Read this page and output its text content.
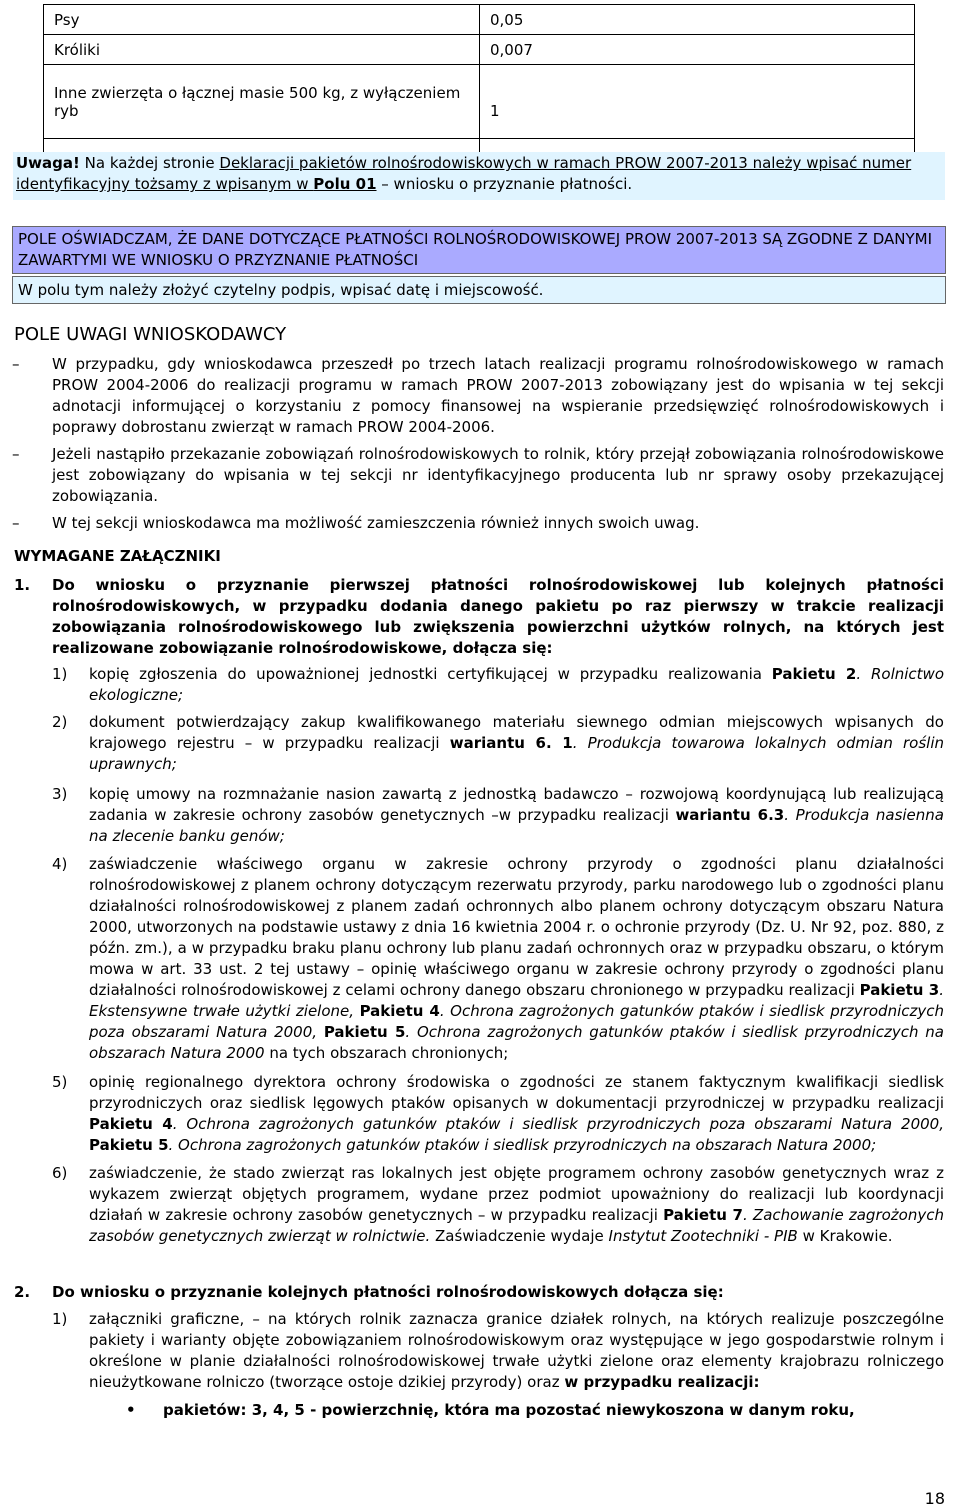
Psy	0,05
Króliki	0,007
Inne zwierzęta o łącznej masie 500 kg, z wyłączeniem ryb	1

Uwaga! Na każdej stronie Deklaracji pakietów rolnośrodowiskowych w ramach PROW 2007-2013 należy wpisać numer identyfikacyjny tożsamy z wpisanym w Polu 01 – wniosku o przyznanie płatności.
POLE OŚWIADCZAM, ŻE DANE DOTYCZĄCE PŁATNOŚCI ROLNOŚRODOWISKOWEJ PROW 2007-2013 SĄ ZGODNE Z DANYMI ZAWARTYMI WE WNIOSKU O PRZYZNANIE PŁATNOŚCI
W polu tym należy złożyć czytelny podpis, wpisać datę i miejscowość.
POLE UWAGI WNIOSKODAWCY
– W przypadku, gdy wnioskodawca przeszedł po trzech latach realizacji programu rolnośrodowiskowego w ramach PROW 2004-2006 do realizacji programu w ramach PROW 2007-2013 zobowiązany jest do wpisania w tej sekcji adnotacji informującej o korzystaniu z pomocy finansowej na wspieranie przedsięwzięć rolnośrodowiskowych i poprawy dobrostanu zwierząt w ramach PROW 2004-2006.
– Jeżeli nastąpiło przekazanie zobowiązań rolnośrodowiskowych to rolnik, który przejął zobowiązania rolnośrodowiskowe jest zobowiązany do wpisania w tej sekcji nr identyfikacyjnego producenta lub nr sprawy osoby przekazującej zobowiązania.
– W tej sekcji wnioskodawca ma możliwość zamieszczenia również innych swoich uwag.
WYMAGANE ZAŁĄCZNIKI
1. Do wniosku o przyznanie pierwszej płatności rolnośrodowiskowej lub kolejnych płatności rolnośrodowiskowych, w przypadku dodania danego pakietu po raz pierwszy w trakcie realizacji zobowiązania rolnośrodowiskowego lub zwiększenia powierzchni użytków rolnych, na których jest realizowane zobowiązanie rolnośrodowiskowe, dołącza się:
1) kopię zgłoszenia do upoważnionej jednostki certyfikującej w przypadku realizowania Pakietu 2. Rolnictwo ekologiczne;
2) dokument potwierdzający zakup kwalifikowanego materiału siewnego odmian miejscowych wpisanych do krajowego rejestru – w przypadku realizacji wariantu 6. 1. Produkcja towarowa lokalnych odmian roślin uprawnych;
3) kopię umowy na rozmnażanie nasion zawartą z jednostką badawczo – rozwojową koordynującą lub realizującą zadania w zakresie ochrony zasobów genetycznych –w przypadku realizacji wariantu 6.3. Produkcja nasienna na zlecenie banku genów;
4) zaświadczenie właściwego organu w zakresie ochrony przyrody o zgodności planu działalności rolnośrodowiskowej z planem ochrony dotyczącym rezerwatu przyrody, parku narodowego lub o zgodności planu działalności rolnośrodowiskowej z planem zadań ochronnych albo planem ochrony dotyczącym obszaru Natura 2000, utworzonych na podstawie ustawy z dnia 16 kwietnia 2004 r. o ochronie przyrody (Dz. U. Nr 92, poz. 880, z późn. zm.), a w przypadku braku planu ochrony lub planu zadań ochronnych oraz w przypadku obszaru, o którym mowa w art. 33 ust. 2 tej ustawy – opinię właściwego organu w zakresie ochrony przyrody o zgodności planu działalności rolnośrodowiskowej z celami ochrony danego obszaru chronionego w przypadku realizacji Pakietu 3. Ekstensywne trwałe użytki zielone, Pakietu 4. Ochrona zagrożonych gatunków ptaków i siedlisk przyrodniczych poza obszarami Natura 2000, Pakietu 5. Ochrona zagrożonych gatunków ptaków i siedlisk przyrodniczych na obszarach Natura 2000 na tych obszarach chronionych;
5) opinię regionalnego dyrektora ochrony środowiska o zgodności ze stanem faktycznym kwalifikacji siedlisk przyrodniczych oraz siedlisk lęgowych ptaków opisanych w dokumentacji przyrodniczej w przypadku realizacji Pakietu 4. Ochrona zagrożonych gatunków ptaków i siedlisk przyrodniczych poza obszarami Natura 2000, Pakietu 5. Ochrona zagrożonych gatunków ptaków i siedlisk przyrodniczych na obszarach Natura 2000;
6) zaświadczenie, że stado zwierząt ras lokalnych jest objęte programem ochrony zasobów genetycznych wraz z wykazem zwierząt objętych programem, wydane przez podmiot upoważniony do realizacji lub koordynacji działań w zakresie ochrony zasobów genetycznych – w przypadku realizacji Pakietu 7. Zachowanie zagrożonych zasobów genetycznych zwierząt w rolnictwie. Zaświadczenie wydaje Instytut Zootechniki - PIB w Krakowie.
2. Do wniosku o przyznanie kolejnych płatności rolnośrodowiskowych dołącza się:
1) załączniki graficzne, – na których rolnik zaznacza granice działek rolnych, na których realizuje poszczególne pakiety i warianty objęte zobowiązaniem rolnośrodowiskowym oraz występujące w jego gospodarstwie rolnym i określone w planie działalności rolnośrodowiskowej trwałe użytki zielone oraz elementy krajobrazu rolniczego nieużytkowane rolniczo (tworzące ostoje dzikiej przyrody) oraz w przypadku realizacji:
•	pakietów: 3, 4, 5 - powierzchnię, która ma pozostać niewykoszona w danym roku,
18
